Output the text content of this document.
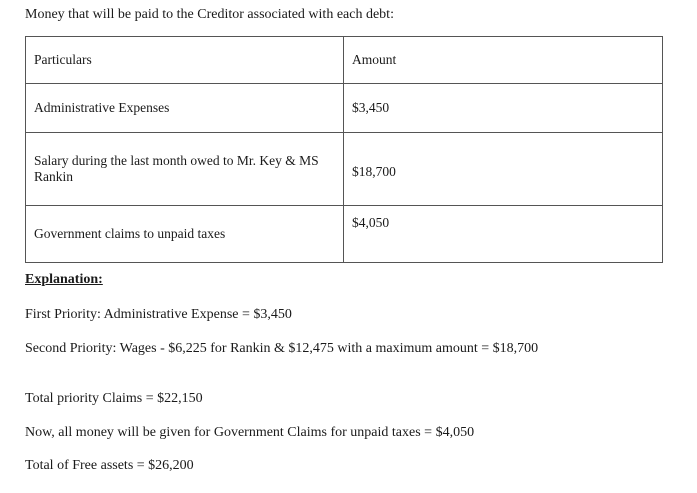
Money that will be paid to the Creditor associated with each debt:
Particulars	Amount
Administrative Expenses	$3,450
Salary during the last month owed to Mr. Key & MS Rankin	$18,700
Government claims to unpaid taxes	$4,050
Explanation:
First Priority: Administrative Expense = $3,450
Second Priority: Wages - $6,225 for Rankin & $12,475 with a maximum amount = $18,700
Total priority Claims = $22,150
Now, all money will be given for Government Claims for unpaid taxes = $4,050
Total of Free assets = $26,200
